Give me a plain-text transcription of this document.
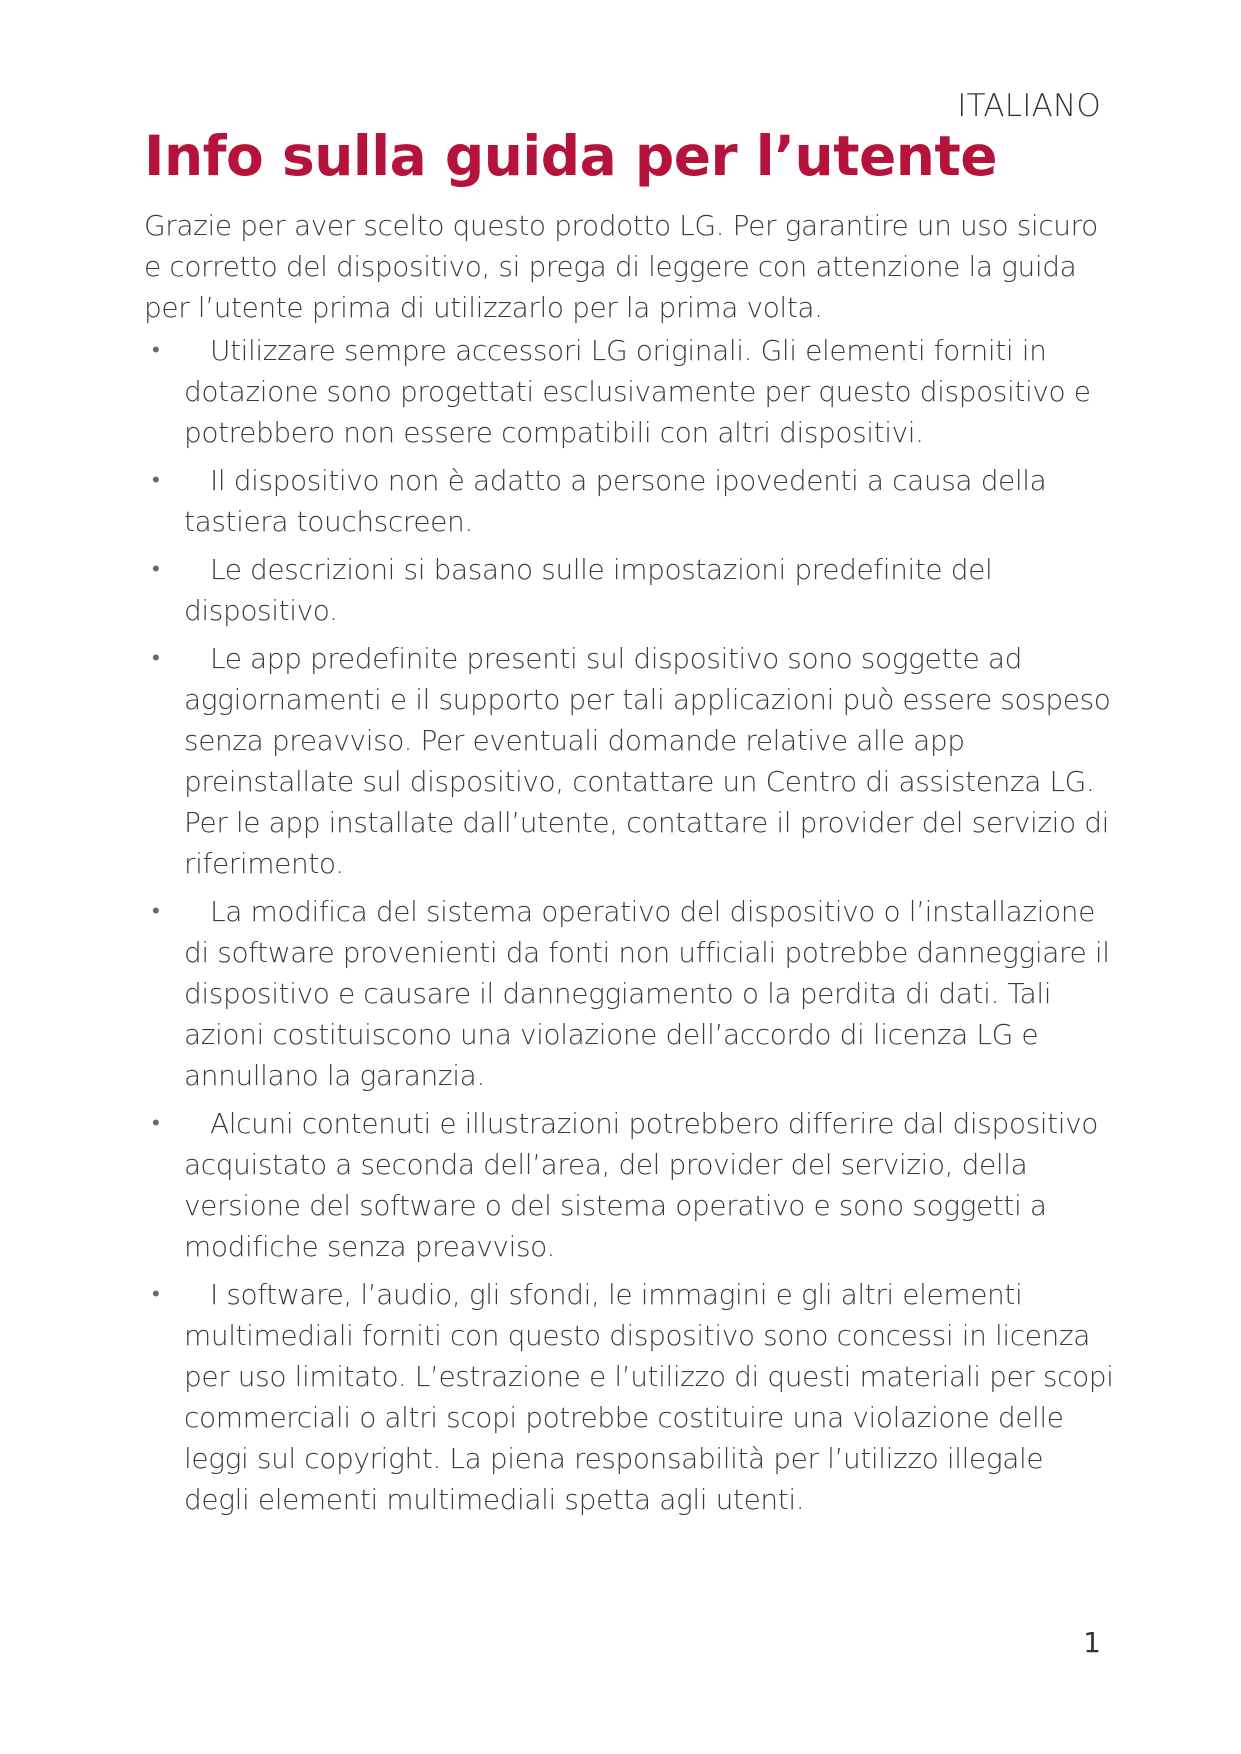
ITALIANO
Info sulla guida per l’utente

Grazie per aver scelto questo prodotto LG. Per garantire un uso sicuro e corretto del dispositivo, si prega di leggere con attenzione la guida per l’utente prima di utilizzarlo per la prima volta.

•	Utilizzare sempre accessori LG originali. Gli elementi forniti in dotazione sono progettati esclusivamente per questo dispositivo e potrebbero non essere compatibili con altri dispositivi.
•	Il dispositivo non è adatto a persone ipovedenti a causa della tastiera touchscreen.
•	Le descrizioni si basano sulle impostazioni predefinite del dispositivo.
•	Le app predefinite presenti sul dispositivo sono soggette ad aggiornamenti e il supporto per tali applicazioni può essere sospeso senza preavviso. Per eventuali domande relative alle app preinstallate sul dispositivo, contattare un Centro di assistenza LG. Per le app installate dall’utente, contattare il provider del servizio di riferimento.
•	La modifica del sistema operativo del dispositivo o l’installazione di software provenienti da fonti non ufficiali potrebbe danneggiare il dispositivo e causare il danneggiamento o la perdita di dati. Tali azioni costituiscono una violazione dell’accordo di licenza LG e annullano la garanzia.
•	Alcuni contenuti e illustrazioni potrebbero differire dal dispositivo acquistato a seconda dell’area, del provider del servizio, della versione del software o del sistema operativo e sono soggetti a modifiche senza preavviso.
•	I software, l’audio, gli sfondi, le immagini e gli altri elementi multimediali forniti con questo dispositivo sono concessi in licenza per uso limitato. L’estrazione e l’utilizzo di questi materiali per scopi commerciali o altri scopi potrebbe costituire una violazione delle leggi sul copyright. La piena responsabilità per l’utilizzo illegale degli elementi multimediali spetta agli utenti.
1
